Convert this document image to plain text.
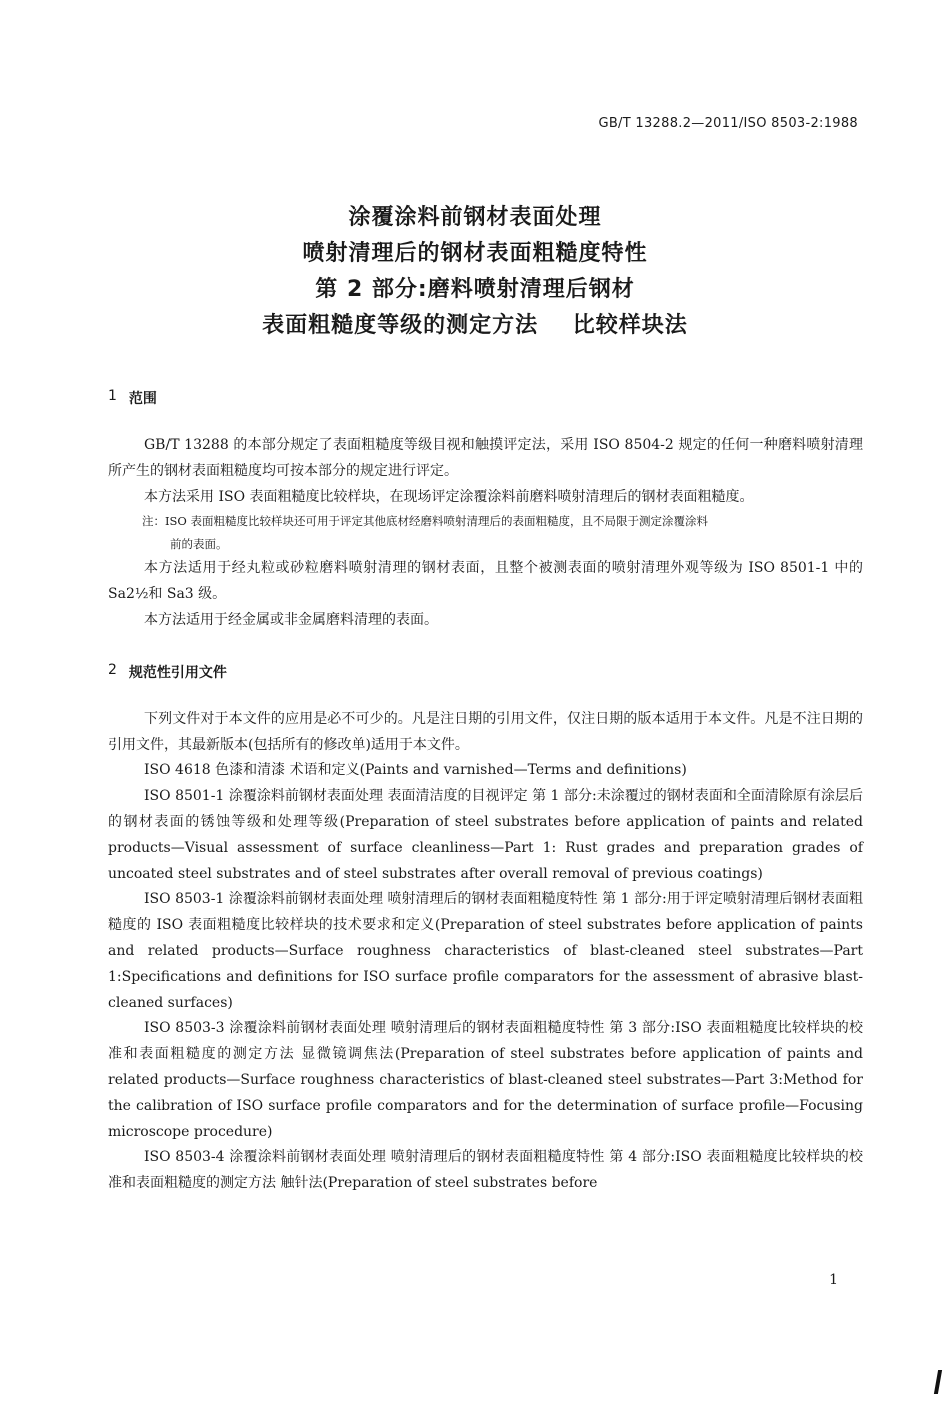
GB/T 13288.2—2011/ISO 8503-2:1988
涂覆涂料前钢材表面处理
喷射清理后的钢材表面粗糙度特性
第 2 部分:磨料喷射清理后钢材
表面粗糙度等级的测定方法    比较样块法
1 范围

GB/T 13288 的本部分规定了表面粗糙度等级目视和触摸评定法，采用 ISO 8504-2 规定的任何一种磨料喷射清理所产生的钢材表面粗糙度均可按本部分的规定进行评定。

本方法采用 ISO 表面粗糙度比较样块，在现场评定涂覆涂料前磨料喷射清理后的钢材表面粗糙度。

注：ISO 表面粗糙度比较样块还可用于评定其他底材经磨料喷射清理后的表面粗糙度，且不局限于测定涂覆涂料
前的表面。

本方法适用于经丸粒或砂粒磨料喷射清理的钢材表面，且整个被测表面的喷射清理外观等级为 ISO 8501-1 中的 Sa2½和 Sa3 级。

本方法适用于经金属或非金属磨料清理的表面。

2 规范性引用文件

下列文件对于本文件的应用是必不可少的。凡是注日期的引用文件，仅注日期的版本适用于本文件。凡是不注日期的引用文件，其最新版本(包括所有的修改单)适用于本文件。

ISO 4618 色漆和清漆 术语和定义(Paints and varnished—Terms and definitions)

ISO 8501-1 涂覆涂料前钢材表面处理 表面清洁度的目视评定 第 1 部分:未涂覆过的钢材表面和全面清除原有涂层后的钢材表面的锈蚀等级和处理等级(Preparation of steel substrates before application of paints and related products—Visual assessment of surface cleanliness—Part 1: Rust grades and preparation grades of uncoated steel substrates and of steel substrates after overall removal of previous coatings)

ISO 8503-1 涂覆涂料前钢材表面处理 喷射清理后的钢材表面粗糙度特性 第 1 部分:用于评定喷射清理后钢材表面粗糙度的 ISO 表面粗糙度比较样块的技术要求和定义(Preparation of steel substrates before application of paints and related products—Surface roughness characteristics of blast-cleaned steel substrates—Part 1:Specifications and definitions for ISO surface profile comparators for the assessment of abrasive blast-cleaned surfaces)

ISO 8503-3 涂覆涂料前钢材表面处理 喷射清理后的钢材表面粗糙度特性 第 3 部分:ISO 表面粗糙度比较样块的校准和表面粗糙度的测定方法 显微镜调焦法(Preparation of steel substrates before application of paints and related products—Surface roughness characteristics of blast-cleaned steel substrates—Part 3:Method for the calibration of ISO surface profile comparators and for the determination of surface profile—Focusing microscope procedure)

ISO 8503-4 涂覆涂料前钢材表面处理 喷射清理后的钢材表面粗糙度特性 第 4 部分:ISO 表面粗糙度比较样块的校准和表面粗糙度的测定方法 触针法(Preparation of steel substrates before

1
